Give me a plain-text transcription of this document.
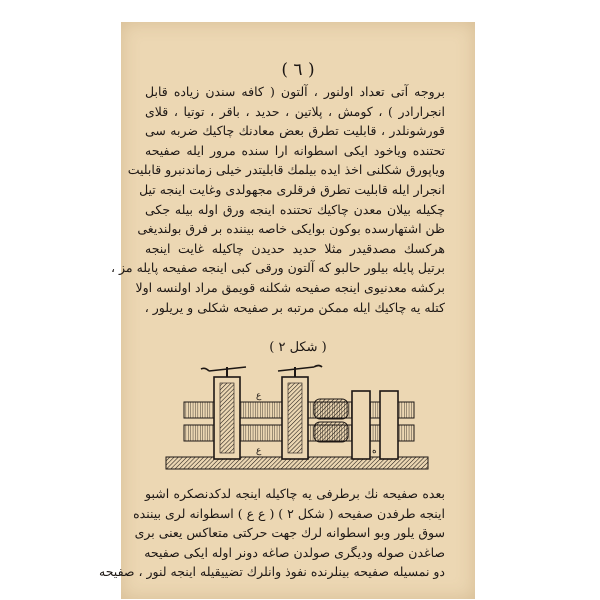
( ٦ )
بروجه آتی تعداد اولنور ، آلتون ( کافه سندن زیاده قابل
انجرارادر ) ، کومش ، پلاتین ، حدید ، باقر ، توتیا ، قلای
قورشونلدر ، قابلیت تطرق بعض معادنك چاکیك ضربه سی
تحتنده ویاخود ایکی اسطوانه ارا سنده مرور ایله صفیحه
ویاپورق شکلنی اخذ ایده بیلمك قابلیتدر خیلی زماندنبرو قابلیت
انجرار ایله قابلیت تطرق فرقلری مجهولدی وغایت اینجه تیل
چکیله بیلان معدن چاکیك تحتنده اینجه ورق اوله بیله جکی
ظن اشتهارسده بوکون بوایکی خاصه بیننده بر فرق بولندیغی
هرکسك مصدقیدر مثلا حدید حدیدن چاکیله غایت اینجه
برتیل پایله بیلور حالبو که آلتون ورقی کبی اینجه صفیحه پایله مز ،
برکشه معدنیوی اینجه صفیحه شکلنه قویمق مراد اولنسه اولا
کتله یه چاکیك ایله ممکن مرتبه بر صفیحه شکلی و یریلور ،
( شکل ٢ )
ع
ع	ه
بعده صفیحه نك برطرفی یه چاکیله اینجه لدکدنصکره اشبو
اینجه طرفدن صفیحه ( شکل ٢ ) ( ع ع ) اسطوانه لری بیننده
سوق یلور وبو اسطوانه لرك جهت حرکتی متعاکس یعنی بری
صاغدن صوله وديگری صولدن صاغه دونر اوله ایکی صفیحه
دو نمسیله صفیحه بینلرنده نفوذ وانلرك تضییقیله اینجه لنور ، صفیحه
